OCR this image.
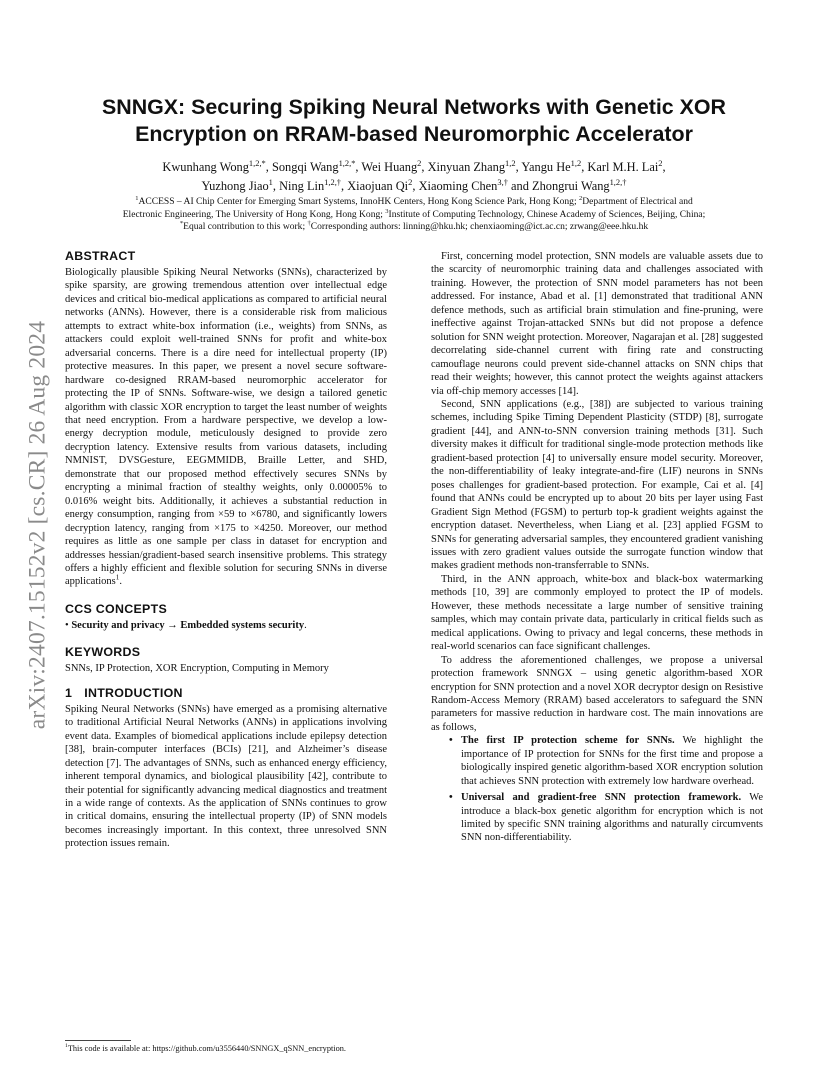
arXiv:2407.15152v2 [cs.CR] 26 Aug 2024
SNNGX: Securing Spiking Neural Networks with Genetic XOR
Encryption on RRAM-based Neuromorphic Accelerator
Kwunhang Wong$^{1,2,*}$, Songqi Wang$^{1,2,*}$, Wei Huang$^2$, Xinyuan Zhang$^{1,2}$, Yangu He$^{1,2}$, Karl M.H. Lai$^2$,
Yuzhong Jiao$^1$, Ning Lin$^{1,2,\dagger}$, Xiaojuan Qi$^2$, Xiaoming Chen$^{3,\dagger}$ and Zhongrui Wang$^{1,2,\dagger}$
$^1$ACCESS – AI Chip Center for Emerging Smart Systems, InnoHK Centers, Hong Kong Science Park, Hong Kong; $^2$Department of Electrical and
Electronic Engineering, The University of Hong Kong, Hong Kong; $^3$Institute of Computing Technology, Chinese Academy of Sciences, Beijing, China;
*Equal contribution to this work; †Corresponding authors: linning@hku.hk; chenxiaoming@ict.ac.cn; zrwang@eee.hku.hk
ABSTRACT

Biologically plausible Spiking Neural Networks (SNNs), characterized by spike sparsity, are growing tremendous attention over intellectual edge devices and critical bio-medical applications as compared to artificial neural networks (ANNs). However, there is a considerable risk from malicious attempts to extract white-box information (i.e., weights) from SNNs, as attackers could exploit well-trained SNNs for profit and white-box adversarial concerns. There is a dire need for intellectual property (IP) protective measures. In this paper, we present a novel secure software-hardware co-designed RRAM-based neuromorphic accelerator for protecting the IP of SNNs. Software-wise, we design a tailored genetic algorithm with classic XOR encryption to target the least number of weights that need encryption. From a hardware perspective, we develop a low-energy decryption module, meticulously designed to provide zero decryption latency. Extensive results from various datasets, including NMNIST, DVSGesture, EEGMMIDB, Braille Letter, and SHD, demonstrate that our proposed method effectively secures SNNs by encrypting a minimal fraction of stealthy weights, only 0.00005% to 0.016% weight bits. Additionally, it achieves a substantial reduction in energy consumption, ranging from ×59 to ×6780, and significantly lowers decryption latency, ranging from ×175 to ×4250. Moreover, our method requires as little as one sample per class in dataset for encryption and addresses hessian/gradient-based search insensitive problems. This strategy offers a highly efficient and flexible solution for securing SNNs in diverse applications$^1$.

CCS CONCEPTS

• Security and privacy → Embedded systems security.

KEYWORDS

SNNs, IP Protection, XOR Encryption, Computing in Memory

1 INTRODUCTION

Spiking Neural Networks (SNNs) have emerged as a promising alternative to traditional Artificial Neural Networks (ANNs) in applications involving event data. Examples of biomedical applications include epilepsy detection [38], brain-computer interfaces (BCIs) [21], and Alzheimer’s disease detection [7]. The advantages of SNNs, such as enhanced energy efficiency, inherent temporal dynamics, and biological plausibility [42], contribute to their potential for significantly advancing medical diagnostics and treatment in a wide range of contexts. As the application of SNNs continues to grow in critical domains, ensuring the intellectual property (IP) of SNN models becomes increasingly important. In this context, three unresolved SNN protection issues remain.

First, concerning model protection, SNN models are valuable assets due to the scarcity of neuromorphic training data and challenges associated with training. However, the protection of SNN model parameters has not been addressed. For instance, Abad et al. [1] demonstrated that traditional ANN defence methods, such as artificial brain stimulation and fine-pruning, were ineffective against Trojan-attacked SNNs but did not propose a defence solution for SNN weight protection. Moreover, Nagarajan et al. [28] suggested decorrelating side-channel current with firing rate and constructing camouflage neurons could prevent side-channel attacks on SNN chips that read their weights; however, this cannot protect the weights against attackers via off-chip memory accesses [14].

Second, SNN applications (e.g., [38]) are subjected to various training schemes, including Spike Timing Dependent Plasticity (STDP) [8], surrogate gradient [44], and ANN-to-SNN conversion training methods [31]. Such diversity makes it difficult for traditional single-mode protection methods like gradient-based protection [4] to universally ensure model security. Moreover, the non-differentiability of leaky integrate-and-fire (LIF) neurons in SNNs poses challenges for gradient-based protection. For example, Cai et al. [4] found that ANNs could be encrypted up to about 20 bits per layer using Fast Gradient Sign Method (FGSM) to perturb top-k gradient weights against the encryption dataset. Nevertheless, when Liang et al. [23] applied FGSM to SNNs for generating adversarial samples, they encountered gradient vanishing issues with zero gradient values outside the surrogate function window that makes gradient methods non-transferrable to SNNs.

Third, in the ANN approach, white-box and black-box watermarking methods [10, 39] are commonly employed to protect the IP of models. However, these methods necessitate a large number of sensitive training samples, which may contain private data, particularly in critical fields such as medical applications. Owing to privacy and legal concerns, these methods in real-world scenarios can face significant challenges.

To address the aforementioned challenges, we propose a universal protection framework SNNGX – using genetic algorithm-based XOR encryption for SNN protection and a novel XOR decryptor design on Resistive Random-Access Memory (RRAM) based accelerators to safeguard the SNN parameters for massive reduction in hardware cost. The main innovations are as follows,

• The first IP protection scheme for SNNs. We highlight the importance of IP protection for SNNs for the first time and propose a biologically inspired genetic algorithm-based XOR encryption solution that achieves SNN protection with extremely low hardware overhead.
• Universal and gradient-free SNN protection framework. We introduce a black-box genetic algorithm for encryption which is not limited by specific SNN training algorithms and naturally circumvents SNN non-differentiability.
$^1$This code is available at: https://github.com/u3556440/SNNGX_qSNN_encryption.
